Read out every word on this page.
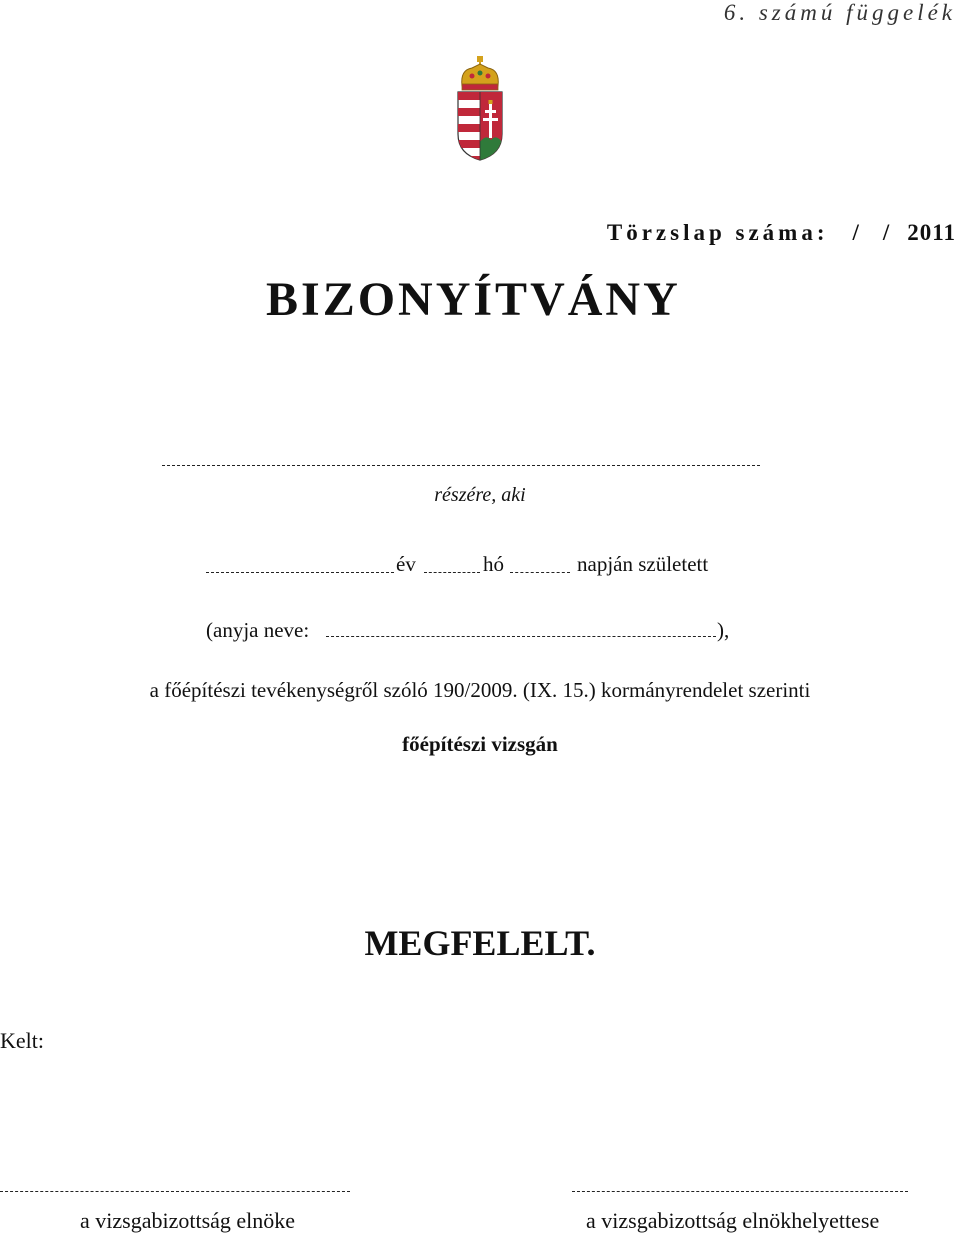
6. számú függelék
Törzslap száma: / / 2011
BIZONYÍTVÁNY
részére, aki
év	hó	napján született
(anyja neve:	),
a főépítészi tevékenységről szóló 190/2009. (IX. 15.) kormányrendelet szerinti
főépítészi vizsgán
MEGFELELT.
Kelt:
a vizsgabizottság elnöke	a vizsgabizottság elnökhelyettese
